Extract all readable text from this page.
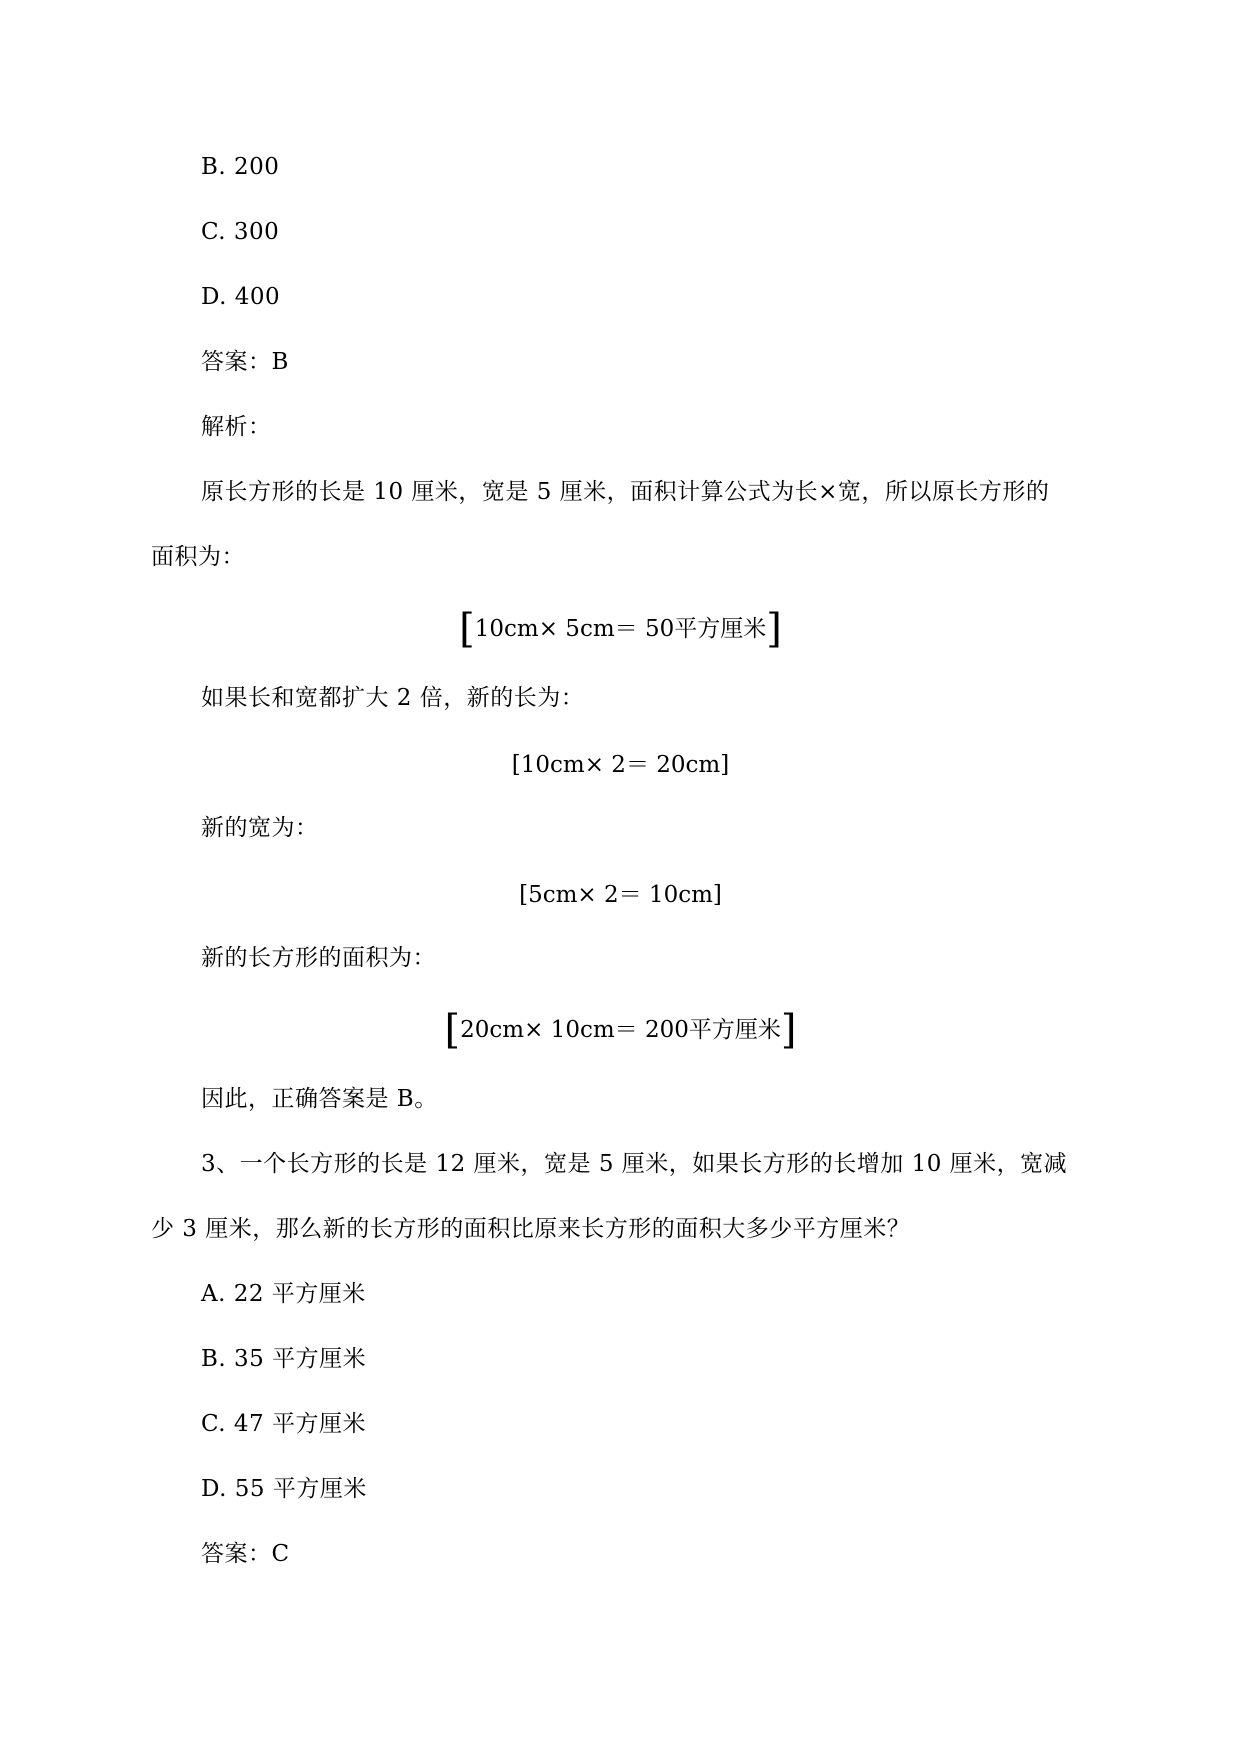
B. 200
C. 300
D. 400
答案：B
解析：
原长方形的长是 10 厘米，宽是 5 厘米，面积计算公式为长×宽，所以原长方形的
面积为：
[10cm× 5cm＝ 50平方厘米]
如果长和宽都扩大 2 倍，新的长为：
[10cm× 2＝ 20cm]
新的宽为：
[5cm× 2＝ 10cm]
新的长方形的面积为：
[20cm× 10cm＝ 200平方厘米]
因此，正确答案是 B。
3、一个长方形的长是 12 厘米，宽是 5 厘米，如果长方形的长增加 10 厘米，宽减
少 3 厘米，那么新的长方形的面积比原来长方形的面积大多少平方厘米？
A. 22 平方厘米
B. 35 平方厘米
C. 47 平方厘米
D. 55 平方厘米
答案：C
